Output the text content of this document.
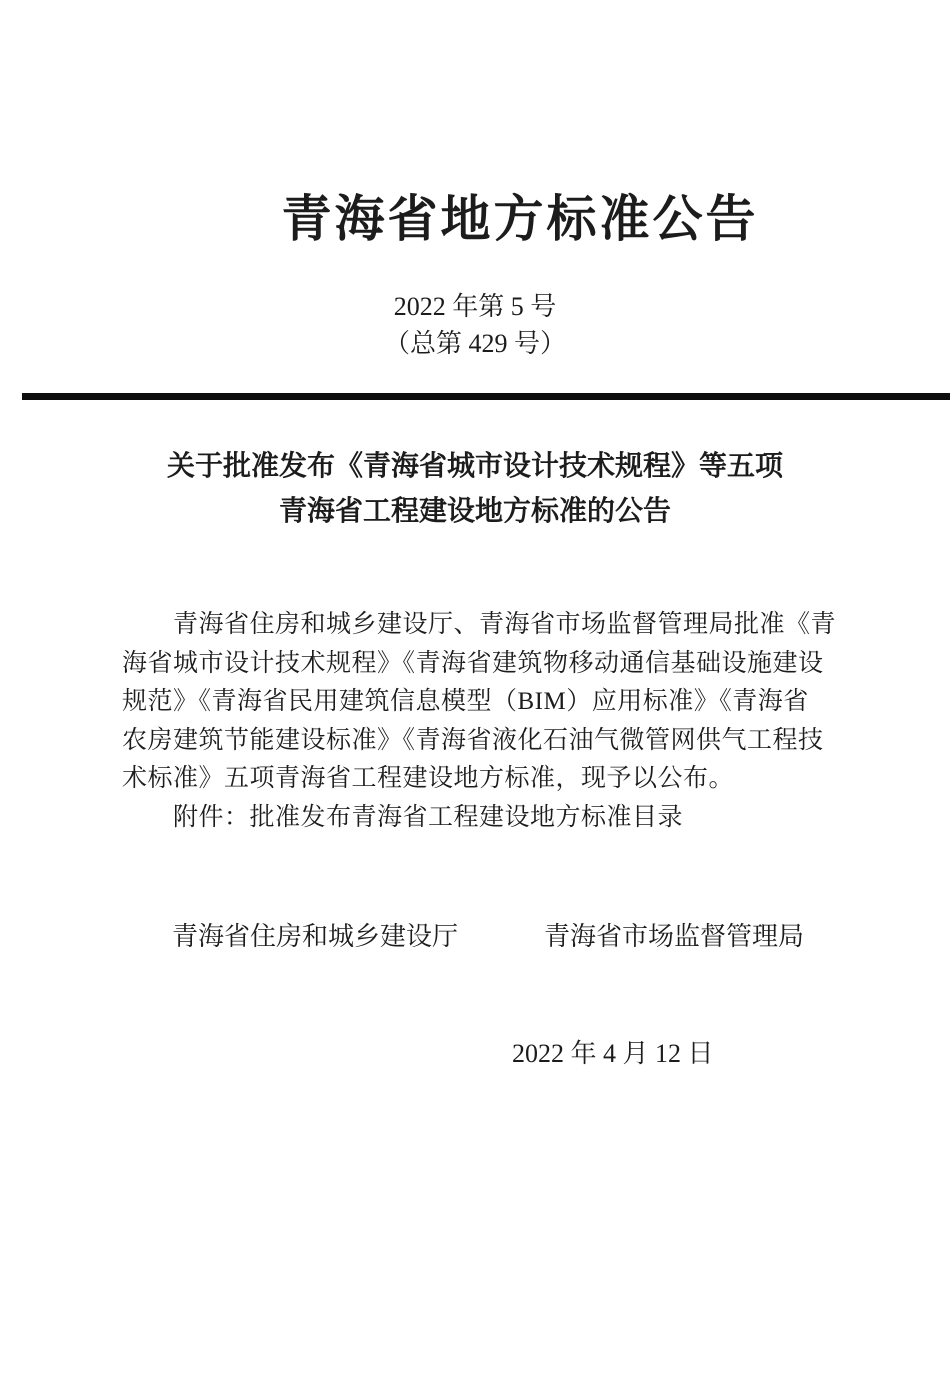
青海省地方标准公告
2022 年第 5 号
（总第 429 号）
关于批准发布《青海省城市设计技术规程》等五项
青海省工程建设地方标准的公告
青海省住房和城乡建设厅、青海省市场监督管理局批准《青
海省城市设计技术规程》《青海省建筑物移动通信基础设施建设
规范》《青海省民用建筑信息模型（BIM）应用标准》《青海省
农房建筑节能建设标准》《青海省液化石油气微管网供气工程技
术标准》五项青海省工程建设地方标准，现予以公布。
附件：批准发布青海省工程建设地方标准目录
青海省住房和城乡建设厅	青海省市场监督管理局
2022 年 4 月 12 日
